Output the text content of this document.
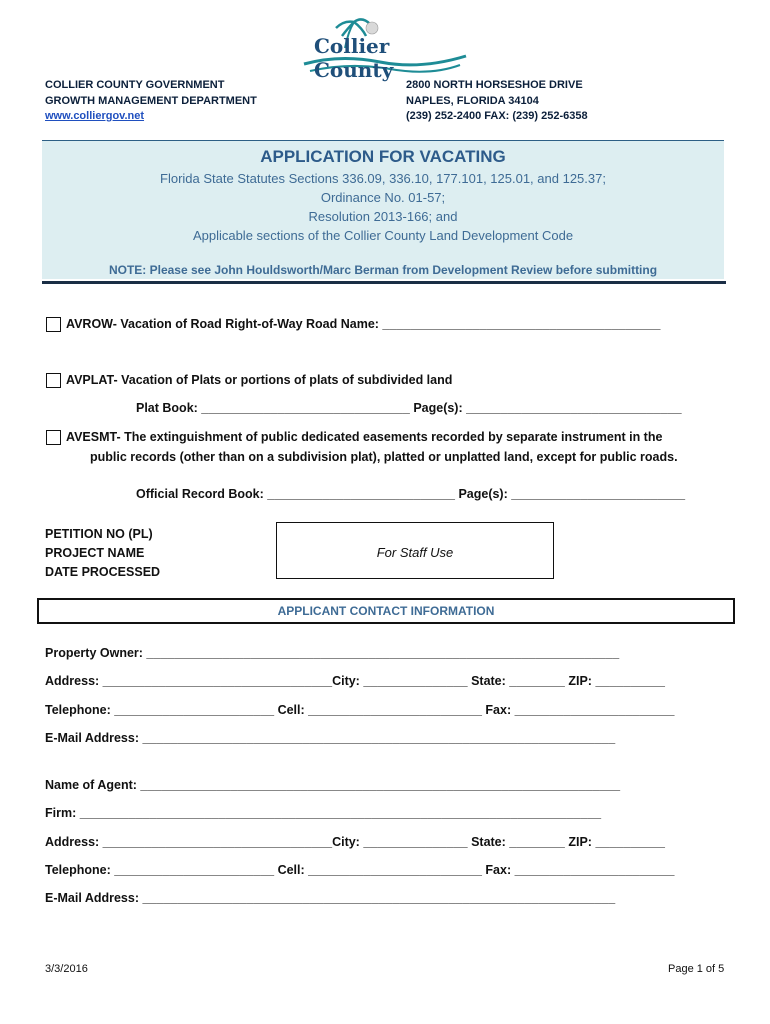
Collier County
COLLIER COUNTY GOVERNMENT
GROWTH MANAGEMENT DEPARTMENT
www.colliergov.net
2800 NORTH HORSESHOE DRIVE
NAPLES, FLORIDA 34104
(239) 252-2400 FAX: (239) 252-6358
APPLICATION FOR VACATING
Florida State Statutes Sections 336.09, 336.10, 177.101, 125.01, and 125.37;
Ordinance No. 01-57;
Resolution 2013-166; and
Applicable sections of the Collier County Land Development Code
NOTE: Please see John Houldsworth/Marc Berman from Development Review before submitting
AVROW- Vacation of Road Right-of-Way Road Name: ________________________________________
AVPLAT- Vacation of Plats or portions of plats of subdivided land
Plat Book: ______________________________ Page(s): _______________________________
AVESMT- The extinguishment of public dedicated easements recorded by separate instrument in the
public records (other than on a subdivision plat), platted or unplatted land, except for public roads.
Official Record Book: ___________________________ Page(s): _________________________
PETITION NO (PL)
PROJECT NAME
DATE PROCESSED
For Staff Use
APPLICANT CONTACT INFORMATION
Property Owner: ____________________________________________________________________
Address: _________________________________City: _______________ State: ________ ZIP: __________
Telephone: _______________________ Cell: _________________________ Fax: _______________________
E-Mail Address: ____________________________________________________________________
Name of Agent: _____________________________________________________________________
Firm: ___________________________________________________________________________
Address: _________________________________City: _______________ State: ________ ZIP: __________
Telephone: _______________________ Cell: _________________________ Fax: _______________________
E-Mail Address: ____________________________________________________________________
3/3/2016	Page 1 of 5
